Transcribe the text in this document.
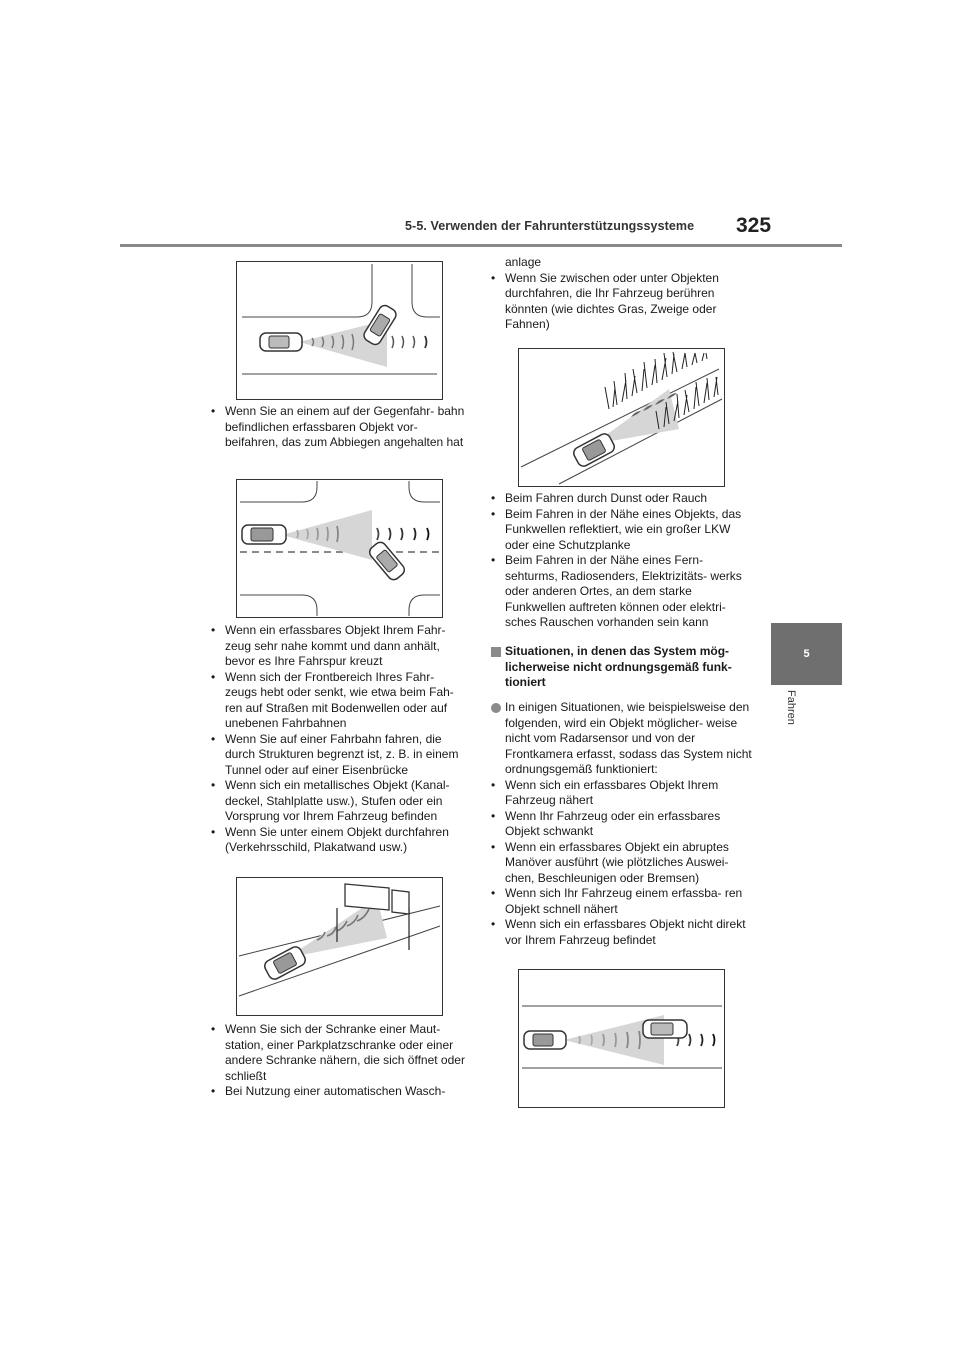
5-5. Verwenden der Fahrunterstützungssysteme 325
5
Fahren
• Wenn Sie an einem auf der Gegenfahr- bahn befindlichen erfassbaren Objekt vor- beifahren, das zum Abbiegen angehalten hat
• Wenn ein erfassbares Objekt Ihrem Fahr- zeug sehr nahe kommt und dann anhält, bevor es Ihre Fahrspur kreuzt
• Wenn sich der Frontbereich Ihres Fahr- zeugs hebt oder senkt, wie etwa beim Fah- ren auf Straßen mit Bodenwellen oder auf unebenen Fahrbahnen
• Wenn Sie auf einer Fahrbahn fahren, die durch Strukturen begrenzt ist, z. B. in einem Tunnel oder auf einer Eisenbrücke
• Wenn sich ein metallisches Objekt (Kanal- deckel, Stahlplatte usw.), Stufen oder ein Vorsprung vor Ihrem Fahrzeug befinden
• Wenn Sie unter einem Objekt durchfahren (Verkehrsschild, Plakatwand usw.)
• Wenn Sie sich der Schranke einer Maut- station, einer Parkplatzschranke oder einer andere Schranke nähern, die sich öffnet oder schließt
• Bei Nutzung einer automatischen Wasch-
anlage
• Wenn Sie zwischen oder unter Objekten durchfahren, die Ihr Fahrzeug berühren könnten (wie dichtes Gras, Zweige oder Fahnen)
• Beim Fahren durch Dunst oder Rauch
• Beim Fahren in der Nähe eines Objekts, das Funkwellen reflektiert, wie ein großer LKW oder eine Schutzplanke
• Beim Fahren in der Nähe eines Fern- sehturms, Radiosenders, Elektrizitäts- werks oder anderen Ortes, an dem starke Funkwellen auftreten können oder elektri- sches Rauschen vorhanden sein kann
Situationen, in denen das System mög- licherweise nicht ordnungsgemäß funk- tioniert
In einigen Situationen, wie beispielsweise den folgenden, wird ein Objekt möglicher- weise nicht vom Radarsensor und von der Frontkamera erfasst, sodass das System nicht ordnungsgemäß funktioniert:
• Wenn sich ein erfassbares Objekt Ihrem Fahrzeug nähert
• Wenn Ihr Fahrzeug oder ein erfassbares Objekt schwankt
• Wenn ein erfassbares Objekt ein abruptes Manöver ausführt (wie plötzliches Auswei- chen, Beschleunigen oder Bremsen)
• Wenn sich Ihr Fahrzeug einem erfassba- ren Objekt schnell nähert
• Wenn sich ein erfassbares Objekt nicht direkt vor Ihrem Fahrzeug befindet
